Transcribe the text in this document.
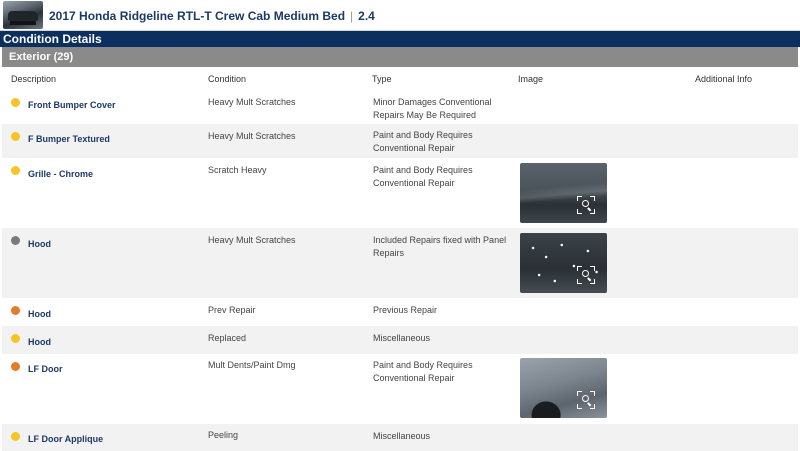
2017 Honda Ridgeline RTL-T Crew Cab Medium Bed | 2.4
Condition Details
Exterior (29)
Description	Condition	Type	Image	Additional Info
Front Bumper Cover	Heavy Mult Scratches	Minor Damages Conventional Repairs May Be Required
F Bumper Textured	Heavy Mult Scratches	Paint and Body Requires Conventional Repair
Grille - Chrome	Scratch Heavy	Paint and Body Requires Conventional Repair
Hood	Heavy Mult Scratches	Included Repairs fixed with Panel Repairs
Hood	Prev Repair	Previous Repair
Hood	Replaced	Miscellaneous
LF Door	Mult Dents/Paint Dmg	Paint and Body Requires Conventional Repair
LF Door Applique	Peeling	Miscellaneous
